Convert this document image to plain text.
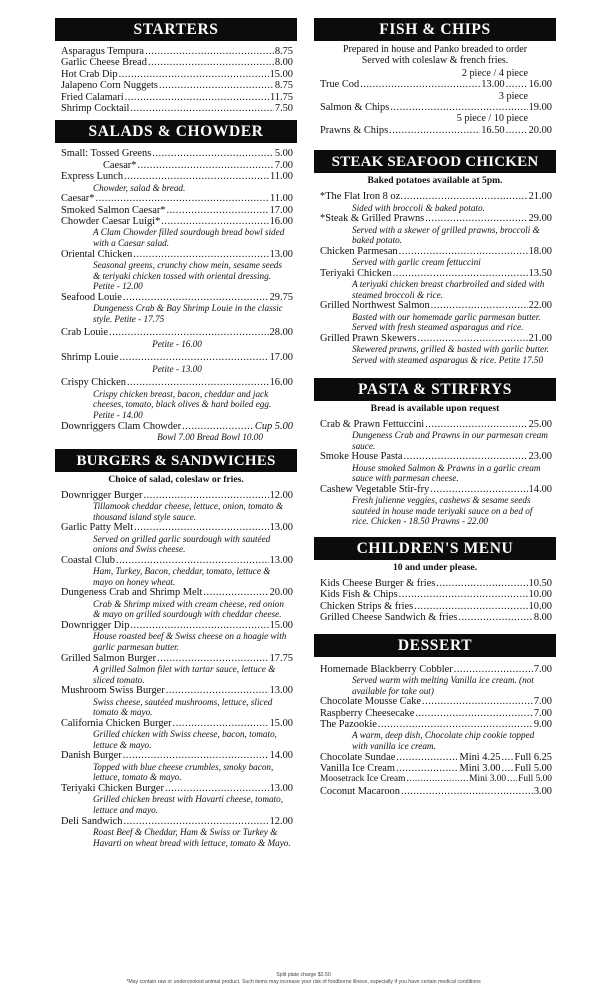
STARTERS
Asparagus Tempura .....	8.75
Garlic Cheese Bread .....	8.00
Hot Crab Dip .....	15.00
Jalapeno Corn Nuggets .....	8.75
Fried Calamari .....	11.75
Shrimp Cocktail .....	7.50
SALADS & CHOWDER
Small: Tossed Greens .....	5.00
Caesar* .....	7.00
Express Lunch .....	11.00
Chowder, salad & bread.
Caesar* .....	11.00
Smoked Salmon Caesar* .....	17.00
Chowder Caesar Luigi* .....	16.00
A Clam Chowder filled sourdough bread bowl sided with a Caesar salad.
Oriental Chicken .....	13.00
Seasonal greens, crunchy chow mein, sesame seeds & teriyaki chicken tossed with oriental dressing. Petite - 12.00
Seafood Louie .....	29.75
Dungeness Crab & Bay Shrimp Louie in the classic style. Petite - 17.75
Crab Louie .....	28.00
Petite - 16.00
Shrimp Louie .....	17.00
Petite - 13.00
Crispy Chicken .....	16.00
Crispy chicken breast, bacon, cheddar and jack cheeses, tomato, black olives & hard boiled egg. Petite - 14.00
Downriggers Clam Chowder .....	Cup 5.00
Bowl 7.00 Bread Bowl 10.00
BURGERS & SANDWICHES
Choice of salad, coleslaw or fries.
Downrigger Burger .....	12.00
Tillamook cheddar cheese, lettuce, onion, tomato & thousand island style sauce.
Garlic Patty Melt .....	13.00
Served on grilled garlic sourdough with sautéed onions and Swiss cheese.
Coastal Club .....	13.00
Ham, Turkey, Bacon, cheddar, tomato, lettuce & mayo on honey wheat.
Dungeness Crab and Shrimp Melt .....	20.00
Crab & Shrimp mixed with cream cheese, red onion & mayo on grilled sourdough with cheddar cheese.
Downrigger Dip .....	15.00
House roasted beef & Swiss cheese on a hoagie with garlic parmesan butter.
Grilled Salmon Burger .....	17.75
A grilled Salmon filet with tartar sauce, lettuce & sliced tomato.
Mushroom Swiss Burger .....	13.00
Swiss cheese, sautéed mushrooms, lettuce, sliced tomato & mayo.
California Chicken Burger .....	15.00
Grilled chicken with Swiss cheese, bacon, tomato, lettuce & mayo.
Danish Burger .....	14.00
Topped with blue cheese crumbles, smoky bacon, lettuce, tomato & mayo.
Teriyaki Chicken Burger .....	13.00
Grilled chicken breast with Havarti cheese, tomato, lettuce and mayo.
Deli Sandwich .....	12.00
Roast Beef & Cheddar, Ham & Swiss or Turkey & Havarti on wheat bread with lettuce, tomato & Mayo.
FISH & CHIPS
Prepared in house and Panko breaded to order
Served with coleslaw & french fries.
2 piece / 4 piece
True Cod .....	13.00 ..... 16.00
3 piece
Salmon & Chips .....	19.00
5 piece / 10 piece
Prawns & Chips .....	16.50 ..... 20.00
STEAK SEAFOOD CHICKEN
Baked potatoes available at 5pm.
*The Flat Iron 8 oz. .....	21.00
Sided with broccoli & baked potato.
*Steak & Grilled Prawns .....	29.00
Served with a skewer of grilled prawns, broccoli & baked potato.
Chicken Parmesan .....	18.00
Served with garlic cream fettuccini
Teriyaki Chicken .....	13.50
A teriyaki chicken breast charbroiled and sided with steamed broccoli & rice.
Grilled Northwest Salmon .....	22.00
Basted with our homemade garlic parmesan butter. Served with fresh steamed asparagus and rice.
Grilled Prawn Skewers .....	21.00
Skewered prawns, grilled & basted with garlic butter. Served with steamed asparagus & rice. Petite 17.50
PASTA & STIRFRYS
Bread is available upon request
Crab & Prawn Fettuccini .....	25.00
Dungeness Crab and Prawns in our parmesan cream sauce.
Smoke House Pasta .....	23.00
House smoked Salmon & Prawns in a garlic cream sauce with parmesan cheese.
Cashew Vegetable Stir-fry .....	14.00
Fresh julienne veggies, cashews & sesame seeds sautéed in house made teriyaki sauce on a bed of rice. Chicken - 18.50 Prawns - 22.00
CHILDREN'S MENU
10 and under please.
Kids Cheese Burger & fries .....	10.50
Kids Fish & Chips .....	10.00
Chicken Strips & fries .....	10.00
Grilled Cheese Sandwich & fries .....	8.00
DESSERT
Homemade Blackberry Cobbler .....	7.00
Served warm with melting Vanilla ice cream. (not available for take out)
Chocolate Mousse Cake .....	7.00
Raspberry Cheesecake .....	7.00
The Pazookie .....	9.00
A warm, deep dish, Chocolate chip cookie topped with vanilla ice cream.
Chocolate Sundae .....	Mini 4.25 ..... Full 6.25
Vanilla Ice Cream .....	Mini 3.00 ..... Full 5.00
Moosetrack Ice Cream .....	Mini 3.00 ..... Full 5.00
Coconut Macaroon .....	3.00
Split plate charge $2.50
*May contain raw or undercooked animal product. Such items may increase your risk of foodborne illness, especially if you have certain medical conditions
